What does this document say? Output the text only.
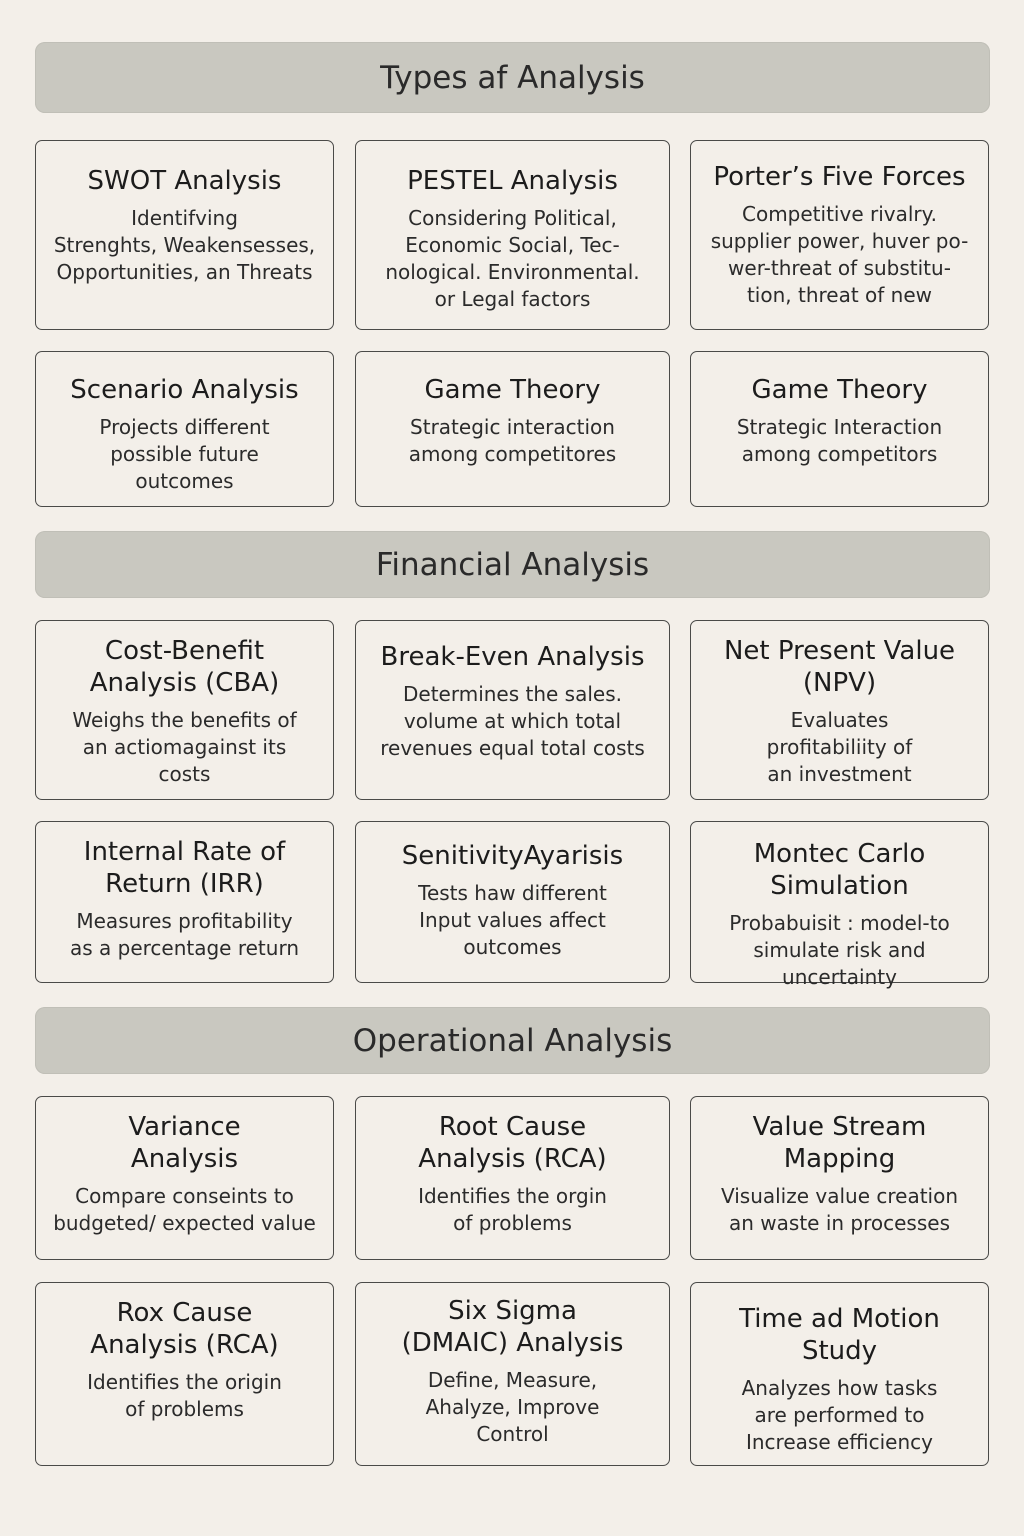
Types af Analysis
SWOT Analysis
Identifving
Strenghts, Weakensesses,
Opportunities, an Threats
PESTEL Analysis
Considering Political,
Economic Social, Tec-
nological. Environmental.
or Legal factors
Porter’s Five Forces
Competitive rivalry.
supplier power, huver po-
wer-threat of substitu-
tion, threat of new
Scenario Analysis
Projects different
possible future
outcomes
Game Theory
Strategic interaction
among competitores
Game Theory
Strategic Interaction
among competitors
Financial Analysis
Cost-Benefit
Analysis (CBA)
Weighs the benefits of
an actiomagainst its
costs
Break-Even Analysis
Determines the sales.
volume at which total
revenues equal total costs
Net Present Value
(NPV)
Evaluates
profitabiliity of
an investment
Internal Rate of
Return (IRR)
Measures profitability
as a percentage return
SenitivityAyarisis
Tests haw different
Input values affect
outcomes
Montec Carlo
Simulation
Probabuisit : model-to
simulate risk and
uncertainty
Operational Analysis
Variance
Analysis
Compare conseints to
budgeted/ expected value
Root Cause
Analysis (RCA)
Identifies the orgin
of problems
Value Stream
Mapping
Visualize value creation
an waste in processes
Rox Cause
Analysis (RCA)
Identifies the origin
of problems
Six Sigma
(DMAIC) Analysis
Define, Measure,
Ahalyze, Improve
Control
Time ad Motion
Study
Analyzes how tasks
are performed to
Increase efficiency
